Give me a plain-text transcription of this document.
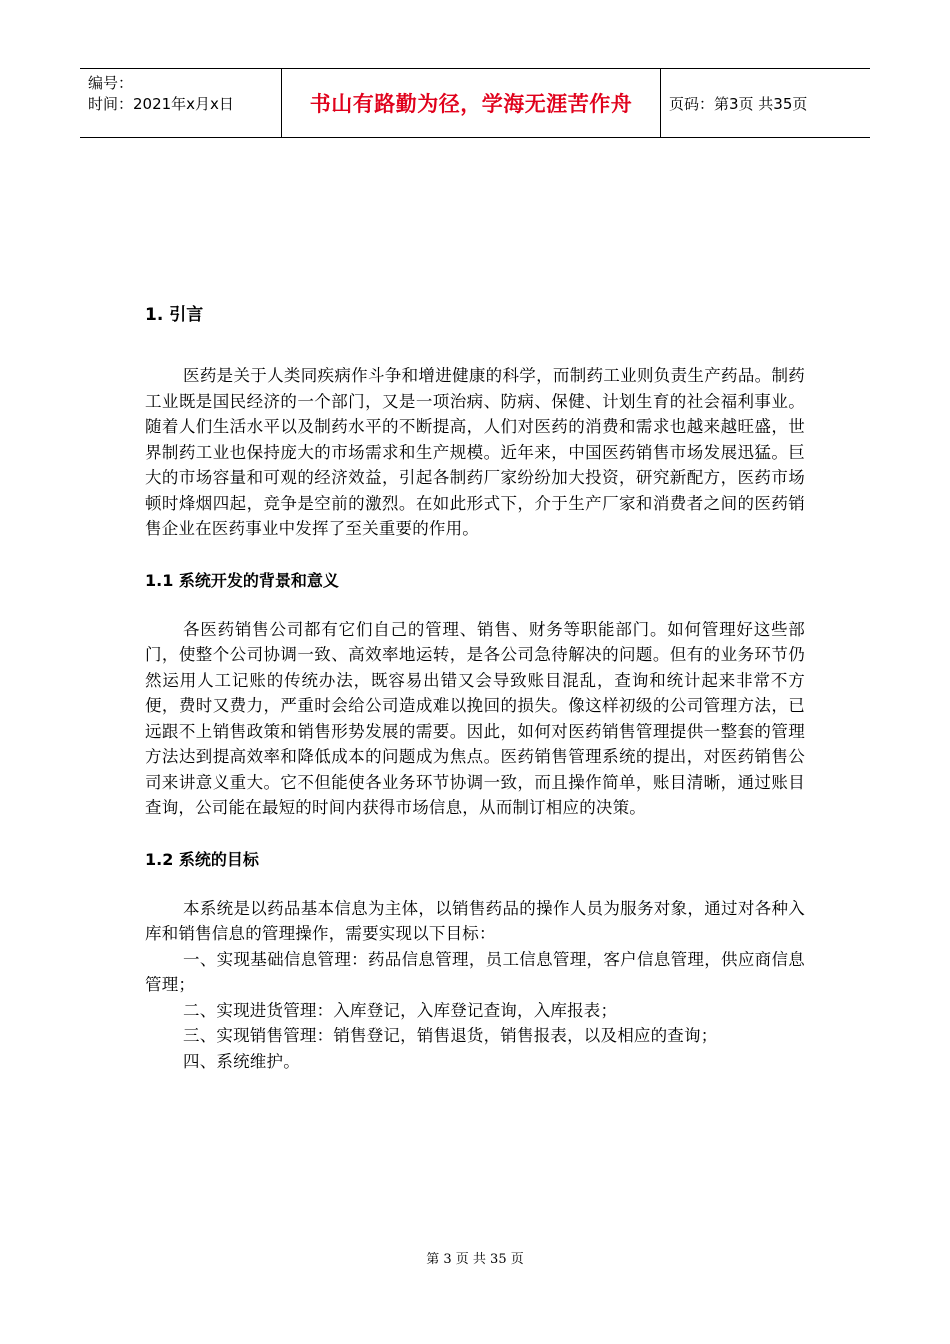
编号：
时间：2021年x月x日	书山有路勤为径，学海无涯苦作舟	页码：第3页 共35页
1. 引言

医药是关于人类同疾病作斗争和增进健康的科学，而制药工业则负责生产药品。制药工业既是国民经济的一个部门，又是一项治病、防病、保健、计划生育的社会福利事业。随着人们生活水平以及制药水平的不断提高，人们对医药的消费和需求也越来越旺盛，世界制药工业也保持庞大的市场需求和生产规模。近年来，中国医药销售市场发展迅猛。巨大的市场容量和可观的经济效益，引起各制药厂家纷纷加大投资，研究新配方，医药市场顿时烽烟四起，竞争是空前的激烈。在如此形式下，介于生产厂家和消费者之间的医药销售企业在医药事业中发挥了至关重要的作用。

1.1 系统开发的背景和意义

各医药销售公司都有它们自己的管理、销售、财务等职能部门。如何管理好这些部门，使整个公司协调一致、高效率地运转，是各公司急待解决的问题。但有的业务环节仍然运用人工记账的传统办法，既容易出错又会导致账目混乱，查询和统计起来非常不方便，费时又费力，严重时会给公司造成难以挽回的损失。像这样初级的公司管理方法，已远跟不上销售政策和销售形势发展的需要。因此，如何对医药销售管理提供一整套的管理方法达到提高效率和降低成本的问题成为焦点。医药销售管理系统的提出，对医药销售公司来讲意义重大。它不但能使各业务环节协调一致，而且操作简单，账目清晰，通过账目查询，公司能在最短的时间内获得市场信息，从而制订相应的决策。

1.2 系统的目标

本系统是以药品基本信息为主体，以销售药品的操作人员为服务对象，通过对各种入库和销售信息的管理操作，需要实现以下目标：

一、实现基础信息管理：药品信息管理，员工信息管理，客户信息管理，供应商信息管理；

二、实现进货管理：入库登记，入库登记查询，入库报表；

三、实现销售管理：销售登记，销售退货，销售报表，以及相应的查询；

四、系统维护。

第 3 页 共 35 页
